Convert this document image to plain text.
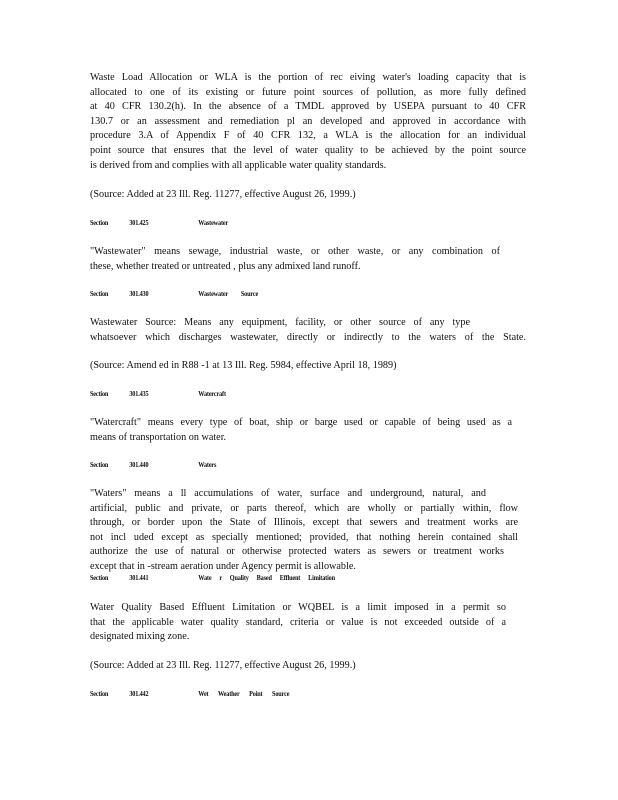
Waste Load Allocation or WLA is the portion of rec eiving water's loading capacity that is
allocated to one of its existing or future point sources of pollution, as more fully defined
at 40 CFR 130.2(h). In the absence of a TMDL approved by USEPA pursuant to 40 CFR
130.7 or an assessment and remediation pl an developed and approved in accordance with
procedure 3.A of Appendix F of 40 CFR 132, a WLA is the allocation for an individual
point source that ensures that the level of water quality to be achieved by the point source
is derived from and complies with all applicable water quality standards.

(Source: Added at 23 Ill. Reg. 11277, effective August 26, 1999.)

Section	301.425	Wastewater
"Wastewater" means sewage, industrial waste, or other waste, or any combination of
these, whether treated or untreated , plus any admixed land runoff.
Section	301.430	Wastewater Source
Wastewater Source: Means any equipment, facility, or other source of any type
whatsoever which discharges wastewater, directly or indirectly to the waters of the State.

(Source: Amend ed in R88 -1 at 13 Ill. Reg. 5984, effective April 18, 1989)

Section	301.435	Watercraft
"Watercraft" means every type of boat, ship or barge used or capable of being used as a
means of transportation on water.
Section	301.440	Waters
"Waters" means a ll accumulations of water, surface and underground, natural, and
artificial, public and private, or parts thereof, which are wholly or partially within, flow
through, or border upon the State of Illinois, except that sewers and treatment works are
not incl uded except as specially mentioned; provided, that nothing herein contained shall
authorize the use of natural or otherwise protected waters as sewers or treatment works
except that in -stream aeration under Agency permit is allowable.
Section	301.441	Wate r Quality Based Effluent Limitation
Water Quality Based Effluent Limitation or WQBEL is a limit imposed in a permit so
that the applicable water quality standard, criteria or value is not exceeded outside of a
designated mixing zone.

(Source: Added at 23 Ill. Reg. 11277, effective August 26, 1999.)

Section	301.442	Wet Weather Point Source
